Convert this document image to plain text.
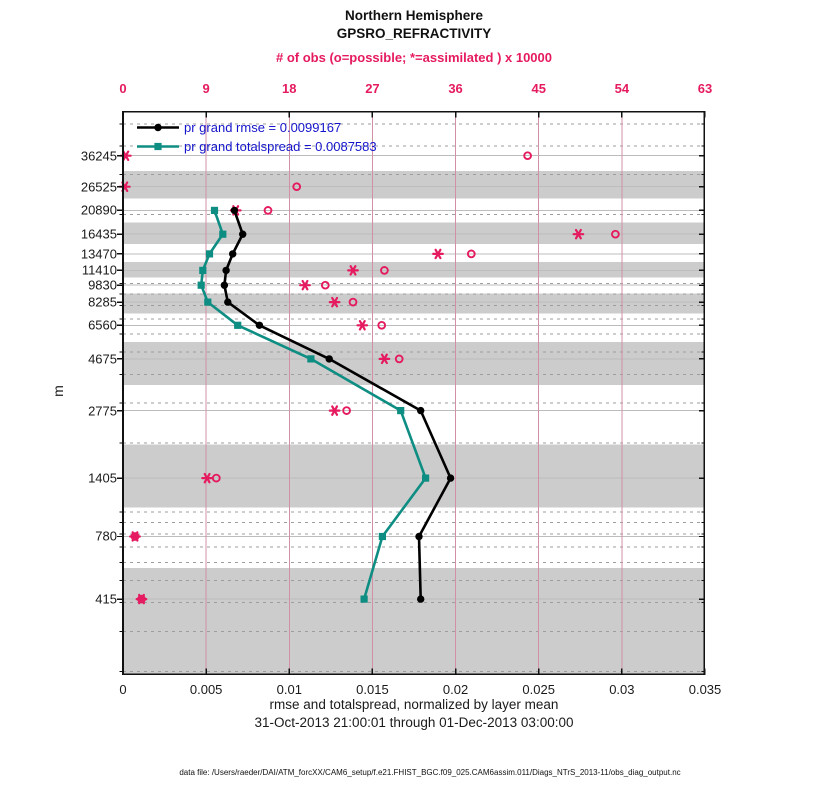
Northern Hemisphere
GPSRO_REFRACTIVITY
# of obs (o=possible; *=assimilated ) x 10000
pr grand rmse = 0.0099167
pr grand totalspread = 0.0087583
m
rmse and totalspread, normalized by layer mean
31-Oct-2013 21:00:01 through 01-Dec-2013 03:00:00
data file: /Users/raeder/DAI/ATM_forcXX/CAM6_setup/f.e21.FHIST_BGC.f09_025.CAM6assim.011/Diags_NTrS_2013-11/obs_diag_output.nc
0	9	18	27	36	45	54	63
0	0.005	0.01	0.015	0.02	0.025	0.03	0.035
36245
26525
20890
16435
13470
11410
9830
8285
6560
4675
2775
1405
780
415
